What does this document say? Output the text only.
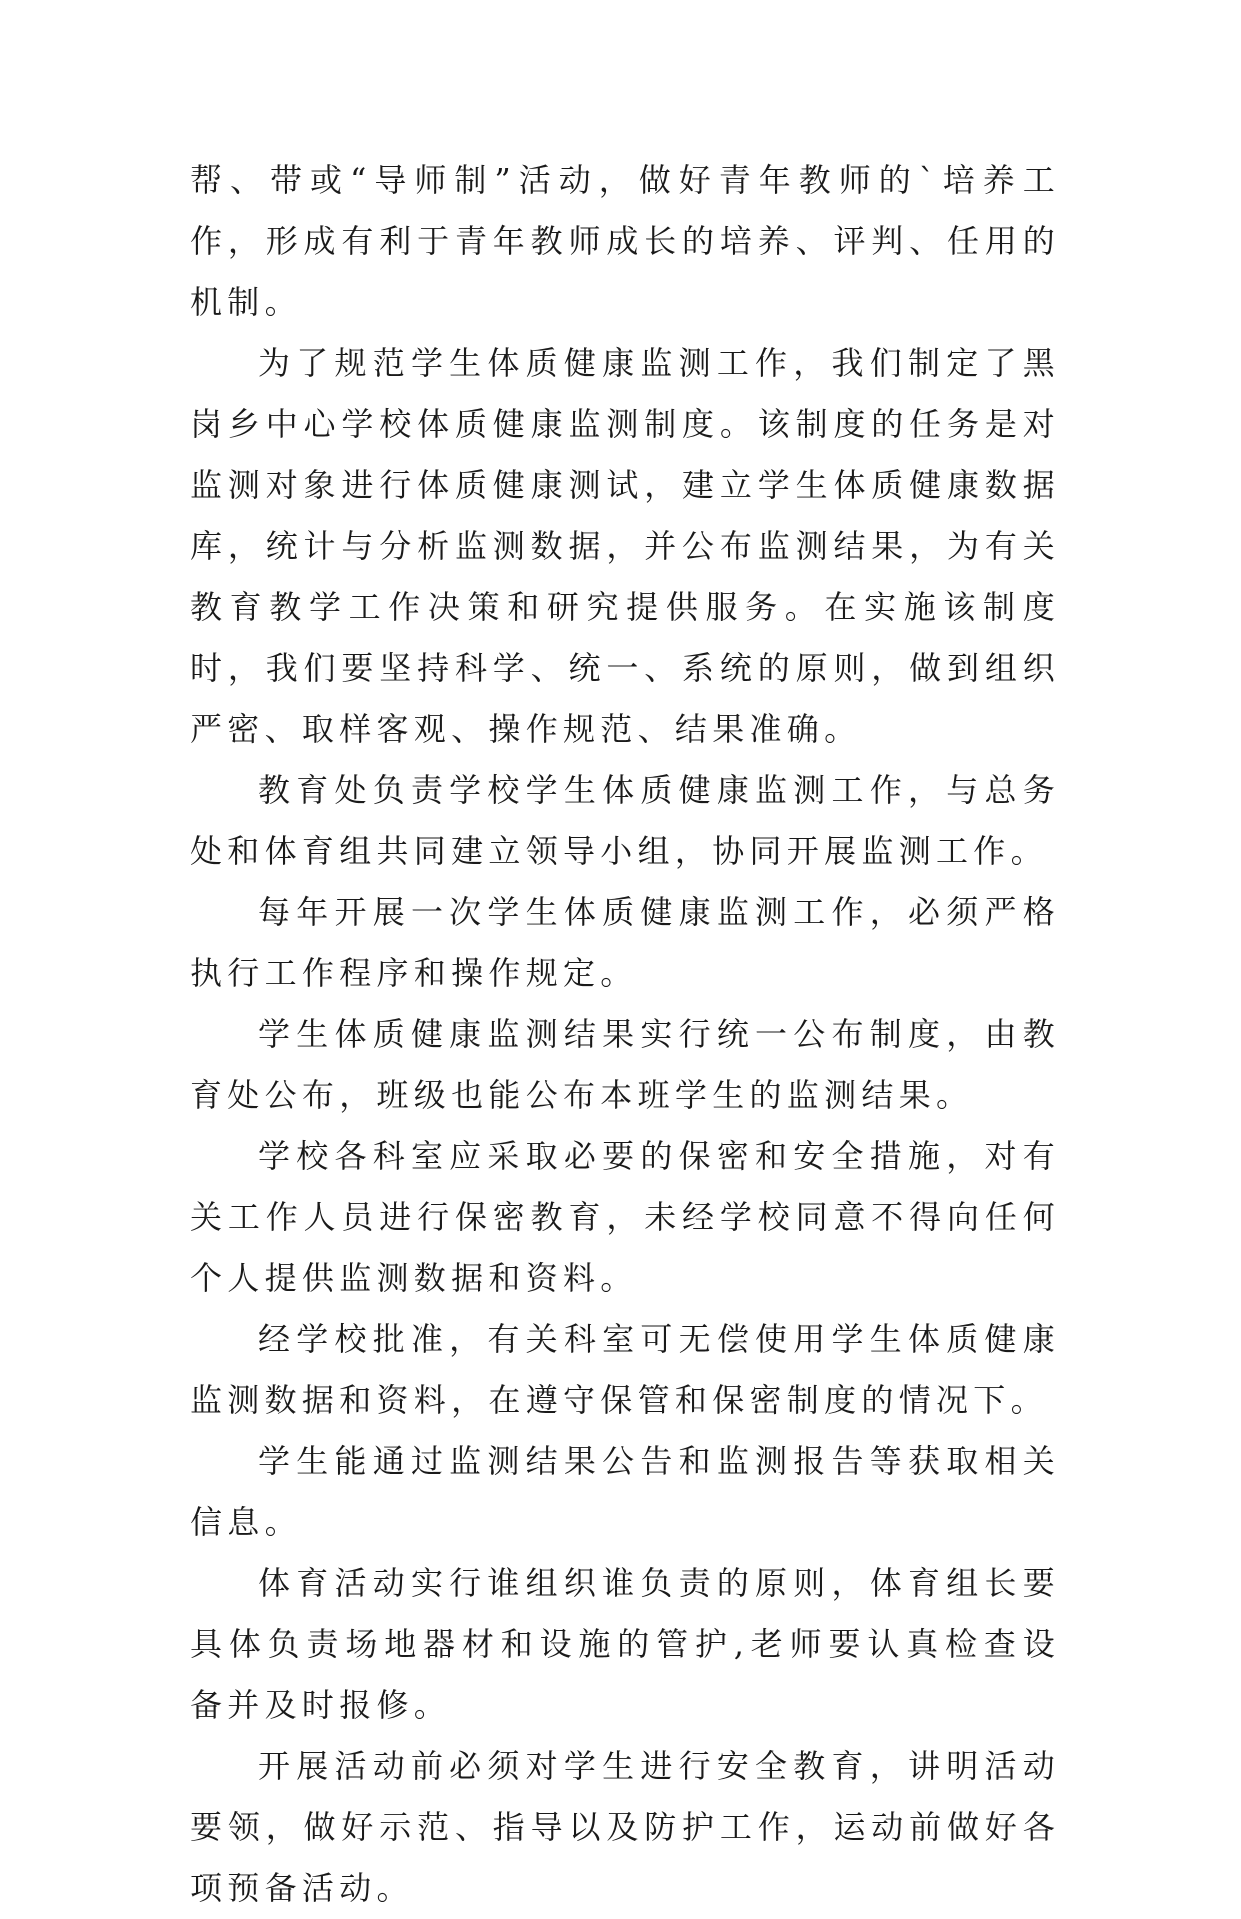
帮、带或“导师制”活动，做好青年教师的`培养工作，形成有利于青年教师成长的培养、评判、任用的机制。

为了规范学生体质健康监测工作，我们制定了黑岗乡中心学校体质健康监测制度。该制度的任务是对监测对象进行体质健康测试，建立学生体质健康数据库，统计与分析监测数据，并公布监测结果，为有关教育教学工作决策和研究提供服务。在实施该制度时，我们要坚持科学、统一、系统的原则，做到组织严密、取样客观、操作规范、结果准确。

教育处负责学校学生体质健康监测工作，与总务处和体育组共同建立领导小组，协同开展监测工作。

每年开展一次学生体质健康监测工作，必须严格执行工作程序和操作规定。

学生体质健康监测结果实行统一公布制度，由教育处公布，班级也能公布本班学生的监测结果。

学校各科室应采取必要的保密和安全措施，对有关工作人员进行保密教育，未经学校同意不得向任何个人提供监测数据和资料。

经学校批准，有关科室可无偿使用学生体质健康监测数据和资料，在遵守保管和保密制度的情况下。

学生能通过监测结果公告和监测报告等获取相关信息。

体育活动实行谁组织谁负责的原则，体育组长要具体负责场地器材和设施的管护,老师要认真检查设备并及时报修。

开展活动前必须对学生进行安全教育，讲明活动要领，做好示范、指导以及防护工作，运动前做好各项预备活动。
